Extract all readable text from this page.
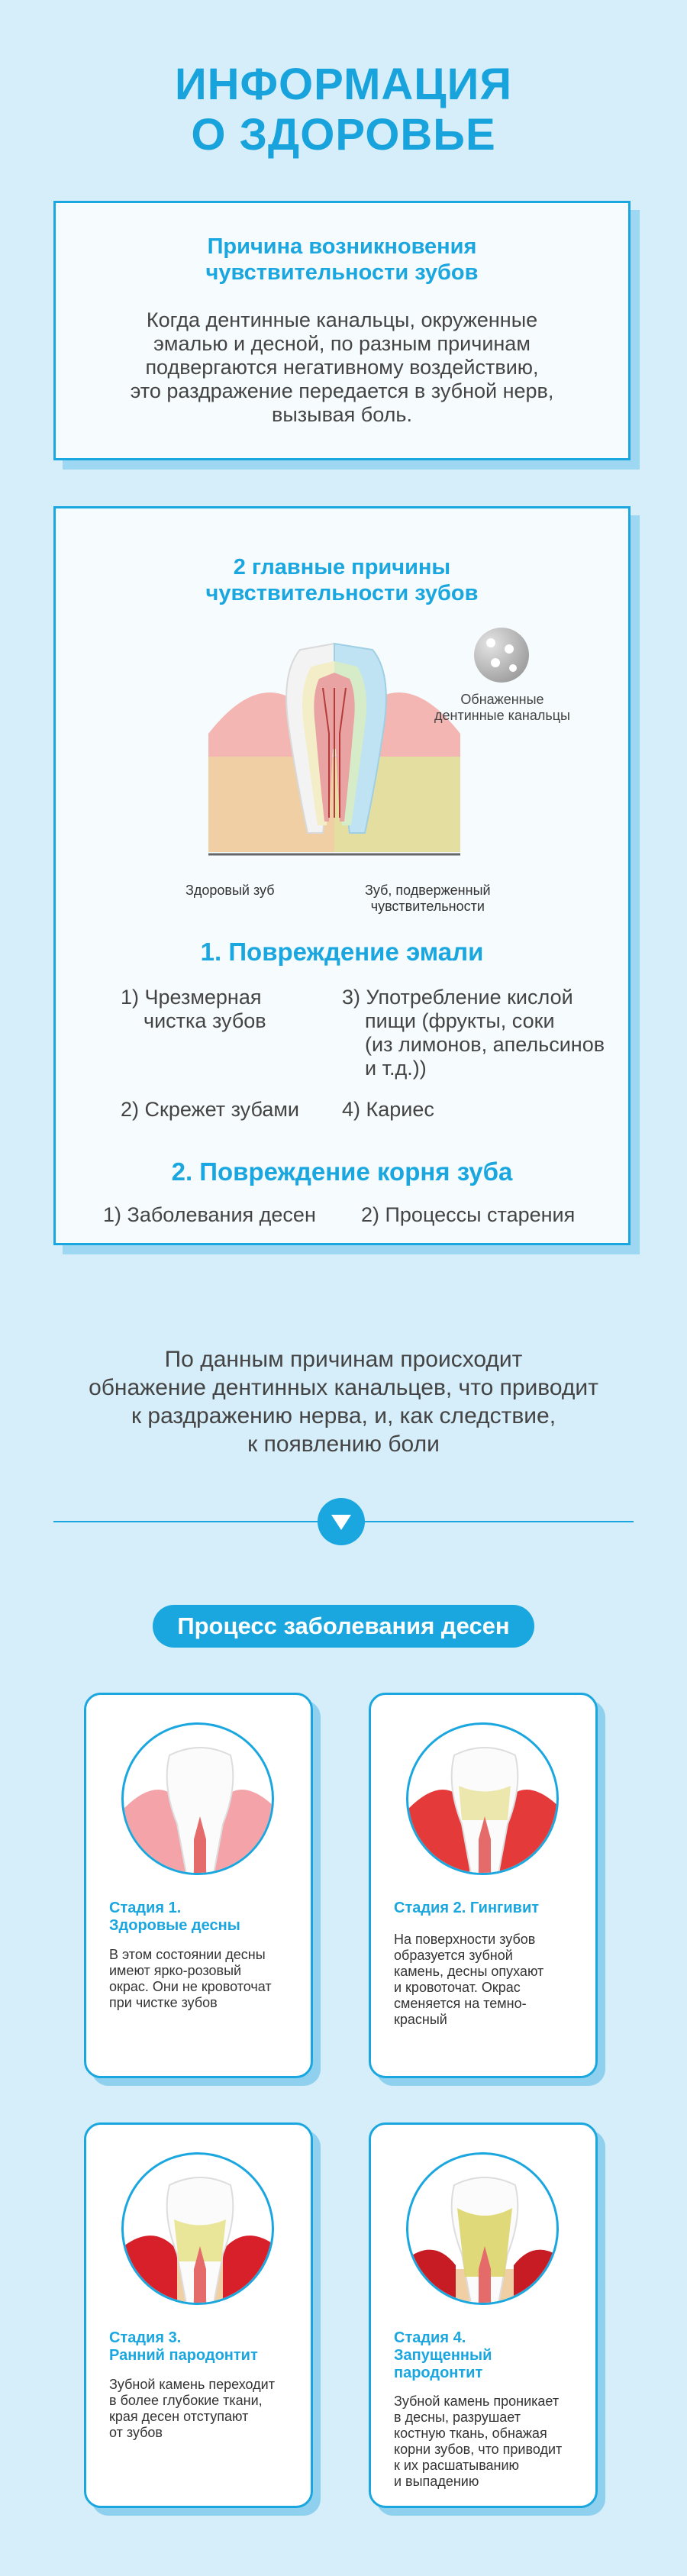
ИНФОРМАЦИЯ
О ЗДОРОВЬЕ
Причина возникновения
чувствительности зубов
Когда дентинные канальцы, окруженные
эмалью и десной, по разным причинам
подвергаются негативному воздействию,
это раздражение передается в зубной нерв,
вызывая боль.
2 главные причины
чувствительности зубов
Обнаженные
дентинные канальцы
Здоровый зуб	Зуб, подверженный
чувствительности
1. Повреждение эмали
1) Чрезмерная
чистка зубов
3) Употребление кислой
пищи (фрукты, соки
(из лимонов, апельсинов
и т.д.))
2) Скрежет зубами 4) Кариес
2. Повреждение корня зуба
1) Заболевания десен 2) Процессы старения
По данным причинам происходит
обнажение дентинных канальцев, что приводит
к раздражению нерва, и, как следствие,
к появлению боли
Процесс заболевания десен
Стадия 1.
Здоровые десны
В этом состоянии десны
имеют ярко-розовый
окрас. Они не кровоточат
при чистке зубов
Стадия 2. Гингивит
На поверхности зубов
образуется зубной
камень, десны опухают
и кровоточат. Окрас
сменяется на темно-
красный
Стадия 3.
Ранний пародонтит
Зубной камень переходит
в более глубокие ткани,
края десен отступают
от зубов
Стадия 4.
Запущенный
пародонтит
Зубной камень проникает
в десны, разрушает
костную ткань, обнажая
корни зубов, что приводит
к их расшатыванию
и выпадению
